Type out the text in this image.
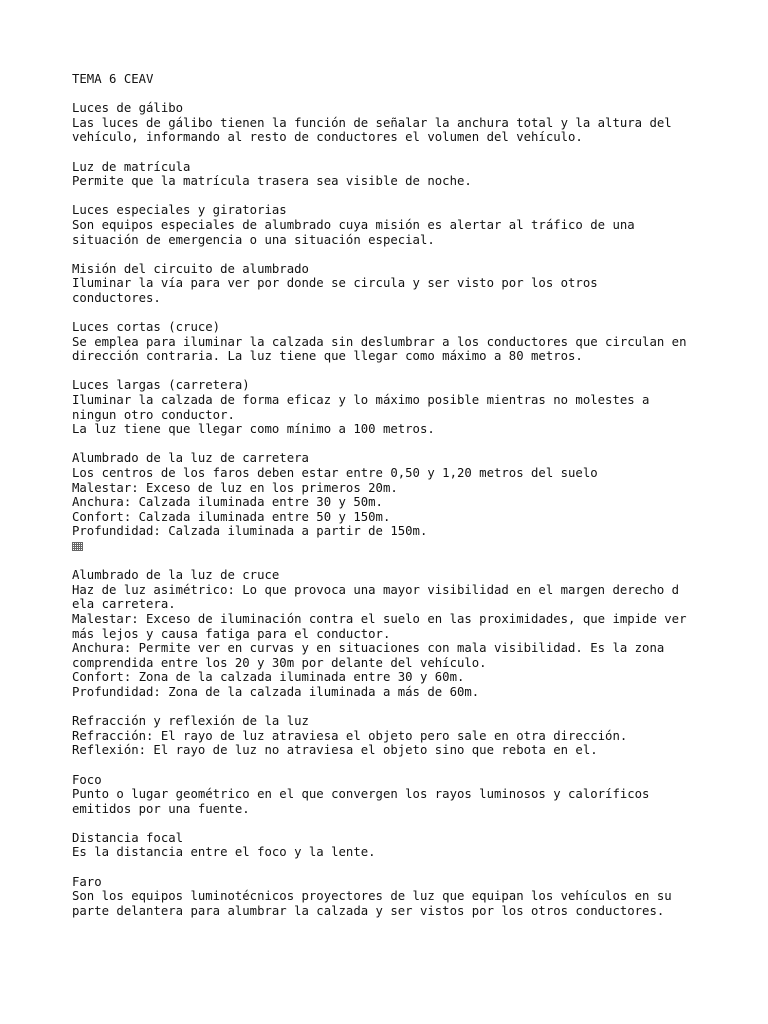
TEMA 6 CEAV
Luces de gálibo
Las luces de gálibo tienen la función de señalar la anchura total y la altura del
vehículo, informando al resto de conductores el volumen del vehículo.
Luz de matrícula
Permite que la matrícula trasera sea visible de noche.
Luces especiales y giratorias
Son equipos especiales de alumbrado cuya misión es alertar al tráfico de una
situación de emergencia o una situación especial.
Misión del circuito de alumbrado
Iluminar la vía para ver por donde se circula y ser visto por los otros
conductores.
Luces cortas (cruce)
Se emplea para iluminar la calzada sin deslumbrar a los conductores que circulan en
dirección contraria. La luz tiene que llegar como máximo a 80 metros.
Luces largas (carretera)
Iluminar la calzada de forma eficaz y lo máximo posible mientras no molestes a
ningun otro conductor.
La luz tiene que llegar como mínimo a 100 metros.
Alumbrado de la luz de carretera
Los centros de los faros deben estar entre 0,50 y 1,20 metros del suelo
Malestar: Exceso de luz en los primeros 20m.
Anchura: Calzada iluminada entre 30 y 50m.
Confort: Calzada iluminada entre 50 y 150m.
Profundidad: Calzada iluminada a partir de 150m.
Alumbrado de la luz de cruce
Haz de luz asimétrico: Lo que provoca una mayor visibilidad en el margen derecho d
ela carretera.
Malestar: Exceso de iluminación contra el suelo en las proximidades, que impide ver
más lejos y causa fatiga para el conductor.
Anchura: Permite ver en curvas y en situaciones con mala visibilidad. Es la zona
comprendida entre los 20 y 30m por delante del vehículo.
Confort: Zona de la calzada iluminada entre 30 y 60m.
Profundidad: Zona de la calzada iluminada a más de 60m.
Refracción y reflexión de la luz
Refracción: El rayo de luz atraviesa el objeto pero sale en otra dirección.
Reflexión: El rayo de luz no atraviesa el objeto sino que rebota en el.
Foco
Punto o lugar geométrico en el que convergen los rayos luminosos y caloríficos
emitidos por una fuente.
Distancia focal
Es la distancia entre el foco y la lente.
Faro
Son los equipos luminotécnicos proyectores de luz que equipan los vehículos en su
parte delantera para alumbrar la calzada y ser vistos por los otros conductores.
